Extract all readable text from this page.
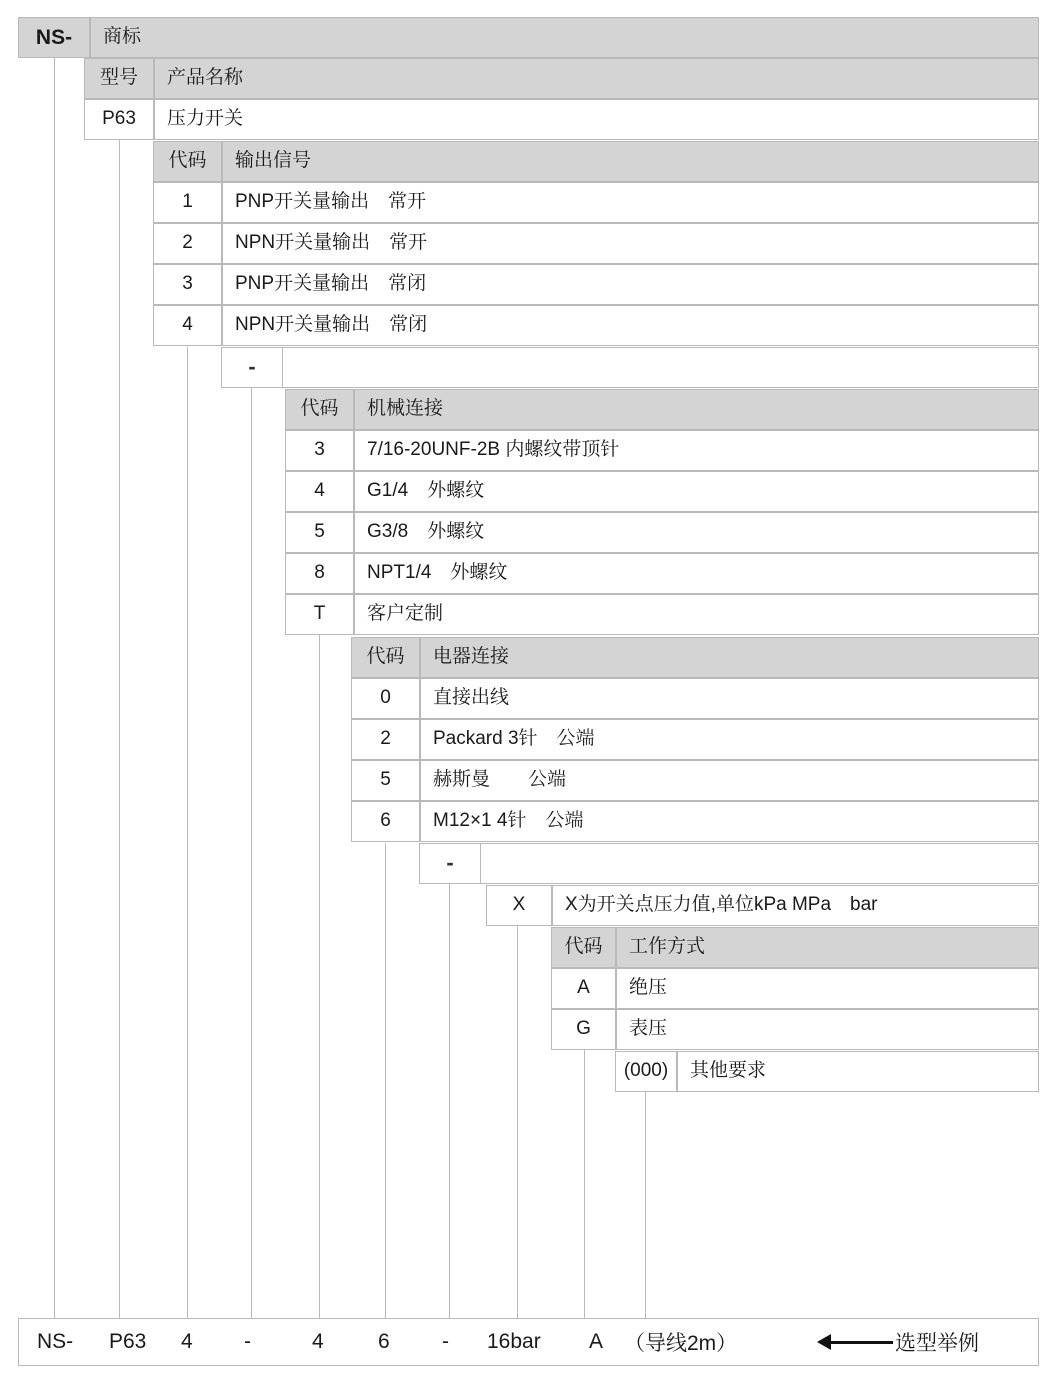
NS- 商标
型号 产品名称
P63 压力开关
代码 输出信号
1 PNP开关量输出　常开
2 NPN开关量输出　常开
3 PNP开关量输出　常闭
4 NPN开关量输出　常闭
-
代码 机械连接
3 7/16-20UNF-2B 内螺纹带顶针
4 G1/4　外螺纹
5 G3/8　外螺纹
8 NPT1/4　外螺纹
T 客户定制
代码 电器连接
0 直接出线
2 Packard 3针　公端
5 赫斯曼　　公端
6 M12×1 4针　公端
-
X X为开关点压力值,单位kPa MPa　bar
代码 工作方式
A 绝压
G 表压
(000) 其他要求
NS- P63 4 -	4	6 - 16bar A （导线2m）	选型举例
